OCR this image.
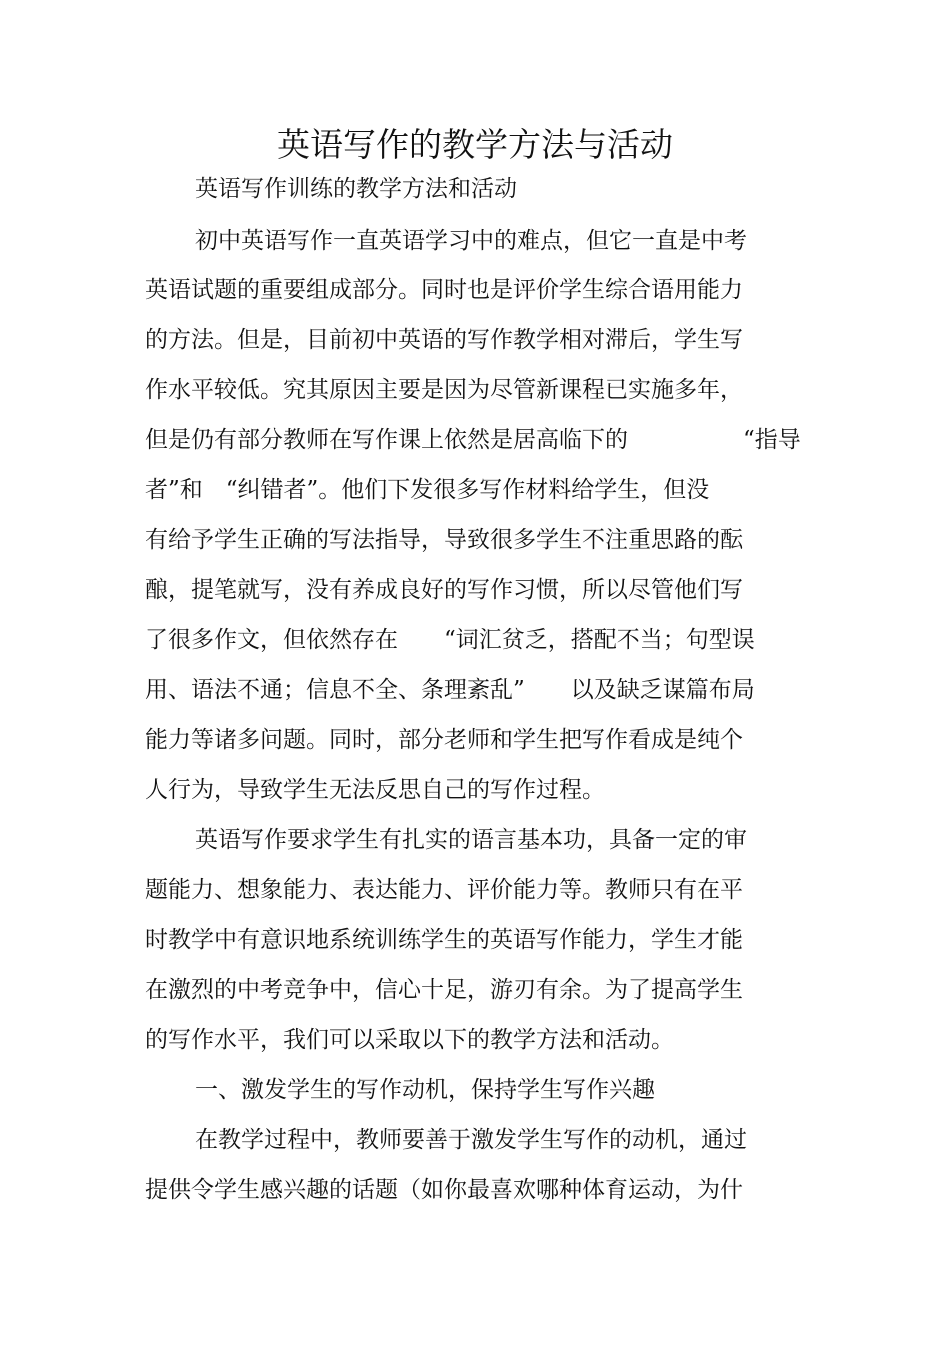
英语写作的教学方法与活动
英语写作训练的教学方法和活动
初中英语写作一直英语学习中的难点，但它一直是中考
英语试题的重要组成部分。同时也是评价学生综合语用能力
的方法。但是，目前初中英语的写作教学相对滞后，学生写
作水平较低。究其原因主要是因为尽管新课程已实施多年，
但是仍有部分教师在写作课上依然是居高临下的　　　　　“指导
者”和　“纠错者”。他们下发很多写作材料给学生，但没
有给予学生正确的写法指导，导致很多学生不注重思路的酝
酿，提笔就写，没有养成良好的写作习惯，所以尽管他们写
了很多作文，但依然存在　　“词汇贫乏，搭配不当；句型误
用、语法不通；信息不全、条理紊乱”　　以及缺乏谋篇布局
能力等诸多问题。同时，部分老师和学生把写作看成是纯个
人行为，导致学生无法反思自己的写作过程。
英语写作要求学生有扎实的语言基本功，具备一定的审
题能力、想象能力、表达能力、评价能力等。教师只有在平
时教学中有意识地系统训练学生的英语写作能力，学生才能
在激烈的中考竞争中，信心十足，游刃有余。为了提高学生
的写作水平，我们可以采取以下的教学方法和活动。
一、激发学生的写作动机，保持学生写作兴趣
在教学过程中，教师要善于激发学生写作的动机，通过
提供令学生感兴趣的话题（如你最喜欢哪种体育运动，为什
